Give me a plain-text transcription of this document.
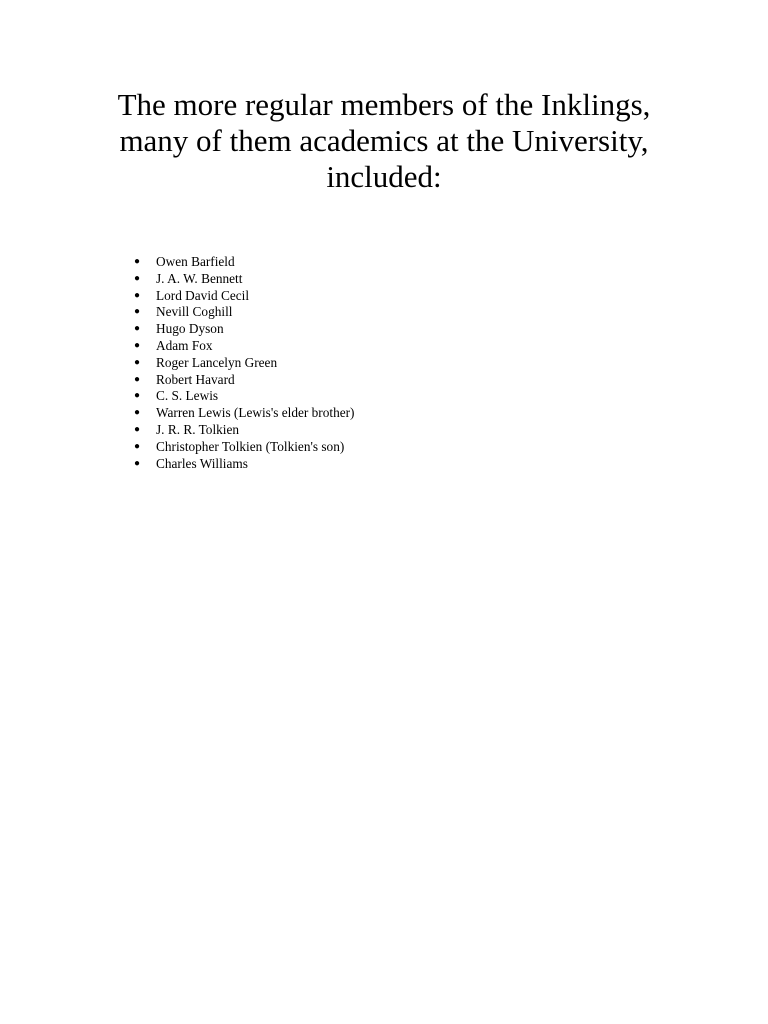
The more regular members of the Inklings, many of them academics at the University, included:
● Owen Barfield
● J. A. W. Bennett
● Lord David Cecil
● Nevill Coghill
● Hugo Dyson
● Adam Fox
● Roger Lancelyn Green
● Robert Havard
● C. S. Lewis
● Warren Lewis (Lewis's elder brother)
● J. R. R. Tolkien
● Christopher Tolkien (Tolkien's son)
● Charles Williams
